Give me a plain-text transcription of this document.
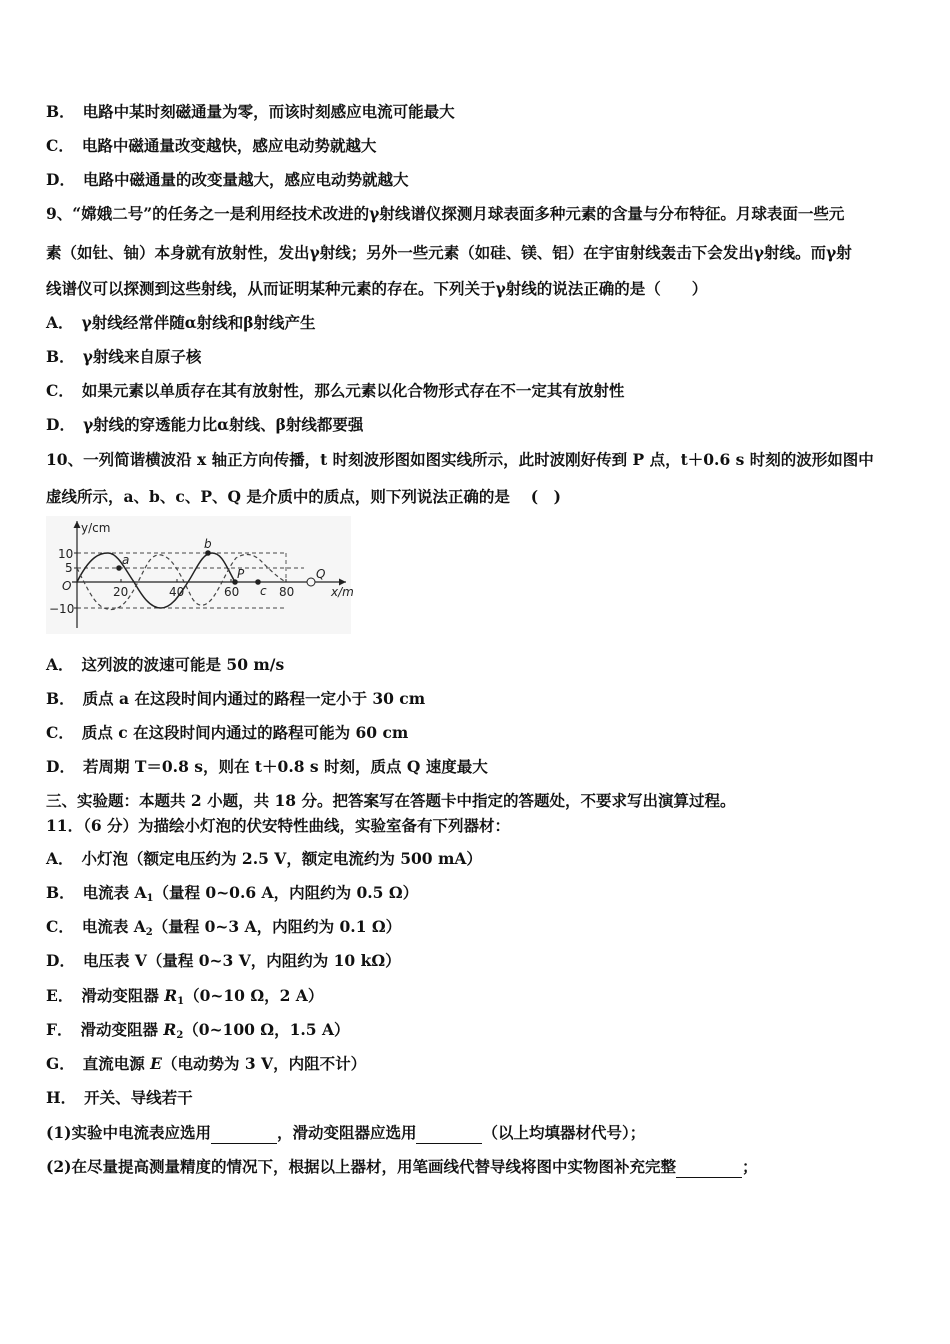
B． 电路中某时刻磁通量为零，而该时刻感应电流可能最大

C． 电路中磁通量改变越快，感应电动势就越大

D． 电路中磁通量的改变量越大，感应电动势就越大

9、“嫦娥二号”的任务之一是利用经技术改进的γ射线谱仪探测月球表面多种元素的含量与分布特征。月球表面一些元

素（如钍、铀）本身就有放射性，发出γ射线；另外一些元素（如硅、镁、铝）在宇宙射线轰击下会发出γ射线。而γ射

线谱仪可以探测到这些射线，从而证明某种元素的存在。下列关于γ射线的说法正确的是（　　）

A． γ射线经常伴随α射线和β射线产生

B． γ射线来自原子核

C． 如果元素以单质存在其有放射性，那么元素以化合物形式存在不一定其有放射性

D． γ射线的穿透能力比α射线、β射线都要强

10、一列简谐横波沿 x 轴正方向传播，t 时刻波形图如图实线所示，此时波刚好传到 P 点，t＋0.6 s 时刻的波形如图中

虚线所示，a、b、c、P、Q 是介质中的质点，则下列说法正确的是　 (　)

y/cm
x/m
O
10
5
−10
20	40	60	80
a
b
P
c
Q

A． 这列波的波速可能是 50 m/s

B． 质点 a 在这段时间内通过的路程一定小于 30 cm

C． 质点 c 在这段时间内通过的路程可能为 60 cm

D． 若周期 T＝0.8 s，则在 t＋0.8 s 时刻，质点 Q 速度最大

三、实验题：本题共 2 小题，共 18 分。把答案写在答题卡中指定的答题处，不要求写出演算过程。

11．（6 分）为描绘小灯泡的伏安特性曲线，实验室备有下列器材：

A． 小灯泡（额定电压约为 2.5 V，额定电流约为 500 mA）

B． 电流表 $A_1$（量程 0~0.6 A，内阻约为 0.5 Ω）

C． 电流表 $A_2$（量程 0~3 A，内阻约为 0.1 Ω）

D． 电压表 V（量程 0~3 V，内阻约为 10 kΩ）

E． 滑动变阻器 $R_1(0\sim 10$ Ω，2 A）

F． 滑动变阻器 $R_2(0\sim 100$ Ω，1.5 A）

G． 直流电源 E（电动势为 3 V，内阻不计）

H． 开关、导线若干

(1)实验中电流表应选用	，滑动变阻器应选用	（以上均填器材代号）；

(2)在尽量提高测量精度的情况下，根据以上器材，用笔画线代替导线将图中实物图补充完整	；
